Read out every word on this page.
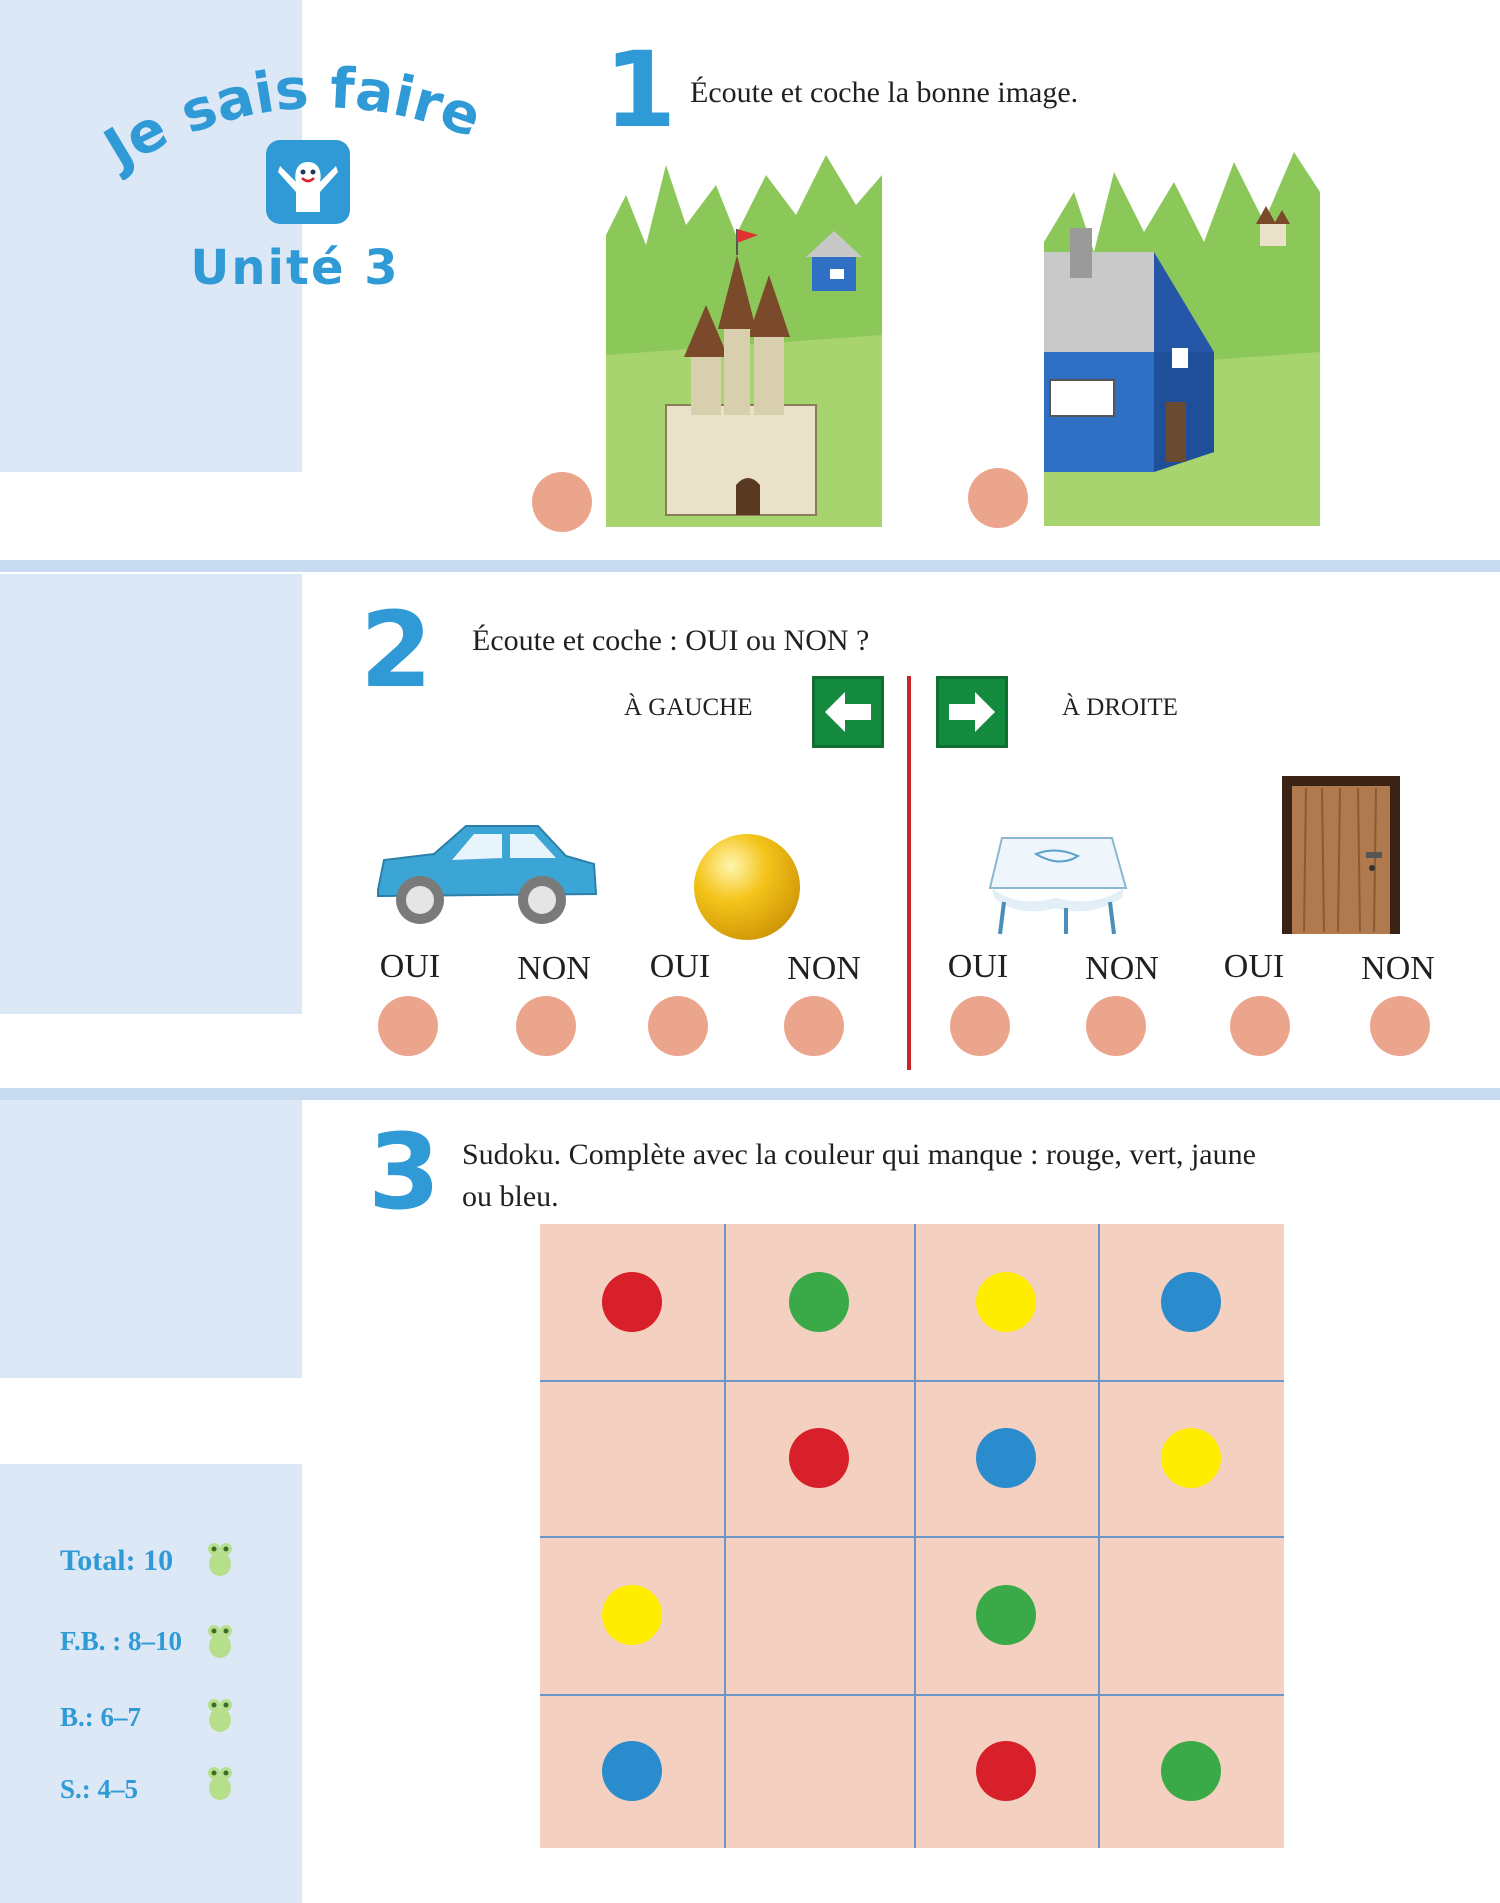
Je sais faire
Unité 3
1 Écoute et coche la bonne image.
2 Écoute et coche : OUI ou NON ?
À GAUCHE	À DROITE
OUI	NON	OUI	NON	OUI	NON	OUI	NON
3 Sudoku. Complète avec la couleur qui manque : rouge, vert, jaune
ou bleu.
Total: 10
F.B. : 8–10
B.: 6–7
S.: 4–5
